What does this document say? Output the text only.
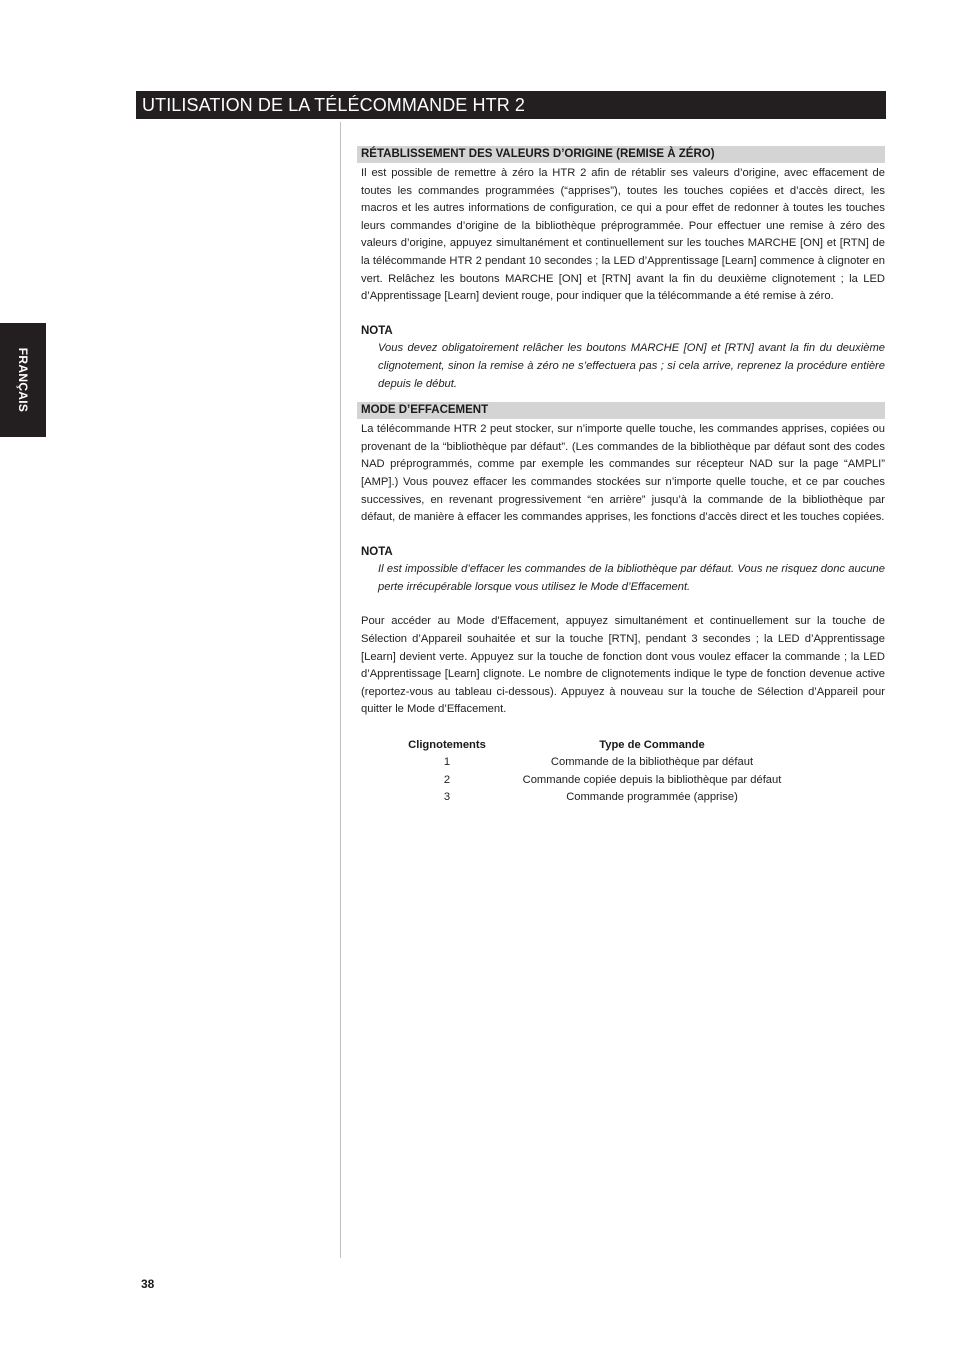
UTILISATION DE LA TÉLÉCOMMANDE HTR 2
FRANÇAIS
RÉTABLISSEMENT DES VALEURS D’ORIGINE (REMISE À ZÉRO)

Il est possible de remettre à zéro la HTR 2 afin de rétablir ses valeurs d’origine, avec effacement de toutes les commandes programmées (“apprises”), toutes les touches copiées et d’accès direct, les macros et les autres informations de configuration, ce qui a pour effet de redonner à toutes les touches leurs commandes d’origine de la bibliothèque préprogrammée. Pour effectuer une remise à zéro des valeurs d’origine, appuyez simultanément et continuellement sur les touches MARCHE [ON] et [RTN] de la télécommande HTR 2 pendant 10 secondes ; la LED d’Apprentissage [Learn] commence à clignoter en vert. Relâchez les boutons MARCHE [ON] et [RTN] avant la fin du deuxième clignotement ; la LED d’Apprentissage [Learn] devient rouge, pour indiquer que la télécommande a été remise à zéro.

NOTA

Vous devez obligatoirement relâcher les boutons MARCHE [ON] et [RTN] avant la fin du deuxième clignotement, sinon la remise à zéro ne s’effectuera pas ; si cela arrive, reprenez la procédure entière depuis le début.

MODE D’EFFACEMENT

La télécommande HTR 2 peut stocker, sur n’importe quelle touche, les commandes apprises, copiées ou provenant de la “bibliothèque par défaut”. (Les commandes de la bibliothèque par défaut sont des codes NAD préprogrammés, comme par exemple les commandes sur récepteur NAD sur la page “AMPLI” [AMP].) Vous pouvez effacer les commandes stockées sur n’importe quelle touche, et ce par couches successives, en revenant progressivement “en arrière” jusqu’à la commande de la bibliothèque par défaut, de manière à effacer les commandes apprises, les fonctions d’accès direct et les touches copiées.

NOTA

Il est impossible d’effacer les commandes de la bibliothèque par défaut. Vous ne risquez donc aucune perte irrécupérable lorsque vous utilisez le Mode d’Effacement.

Pour accéder au Mode d'Effacement, appuyez simultanément et continuellement sur la touche de Sélection d’Appareil souhaitée et sur la touche [RTN], pendant 3 secondes ; la LED d’Apprentissage [Learn] devient verte. Appuyez sur la touche de fonction dont vous voulez effacer la commande ; la LED d’Apprentissage [Learn] clignote. Le nombre de clignotements indique le type de fonction devenue active (reportez-vous au tableau ci-dessous). Appuyez à nouveau sur la touche de Sélection d’Appareil pour quitter le Mode d’Effacement.

Clignotements	Type de Commande
1	Commande de la bibliothèque par défaut
2	Commande copiée depuis la bibliothèque par défaut
3	Commande programmée (apprise)
38
